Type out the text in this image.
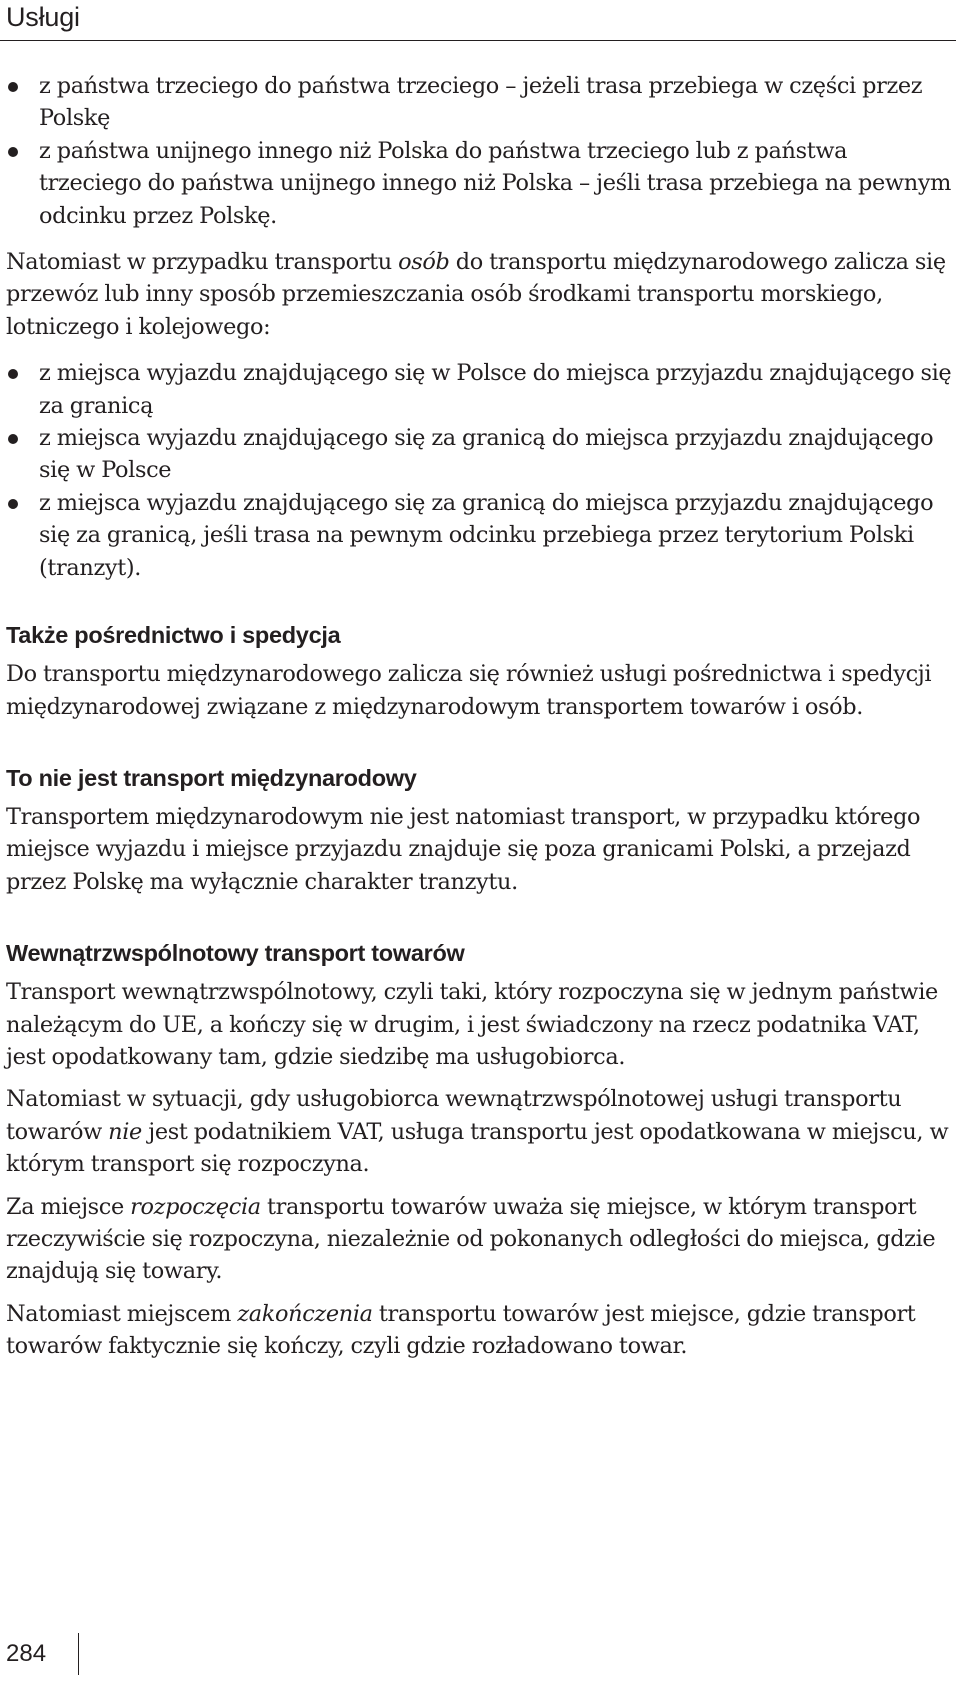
Usługi
z państwa trzeciego do państwa trzeciego – jeżeli trasa przebiega w części przez Polskę
z państwa unijnego innego niż Polska do państwa trzeciego lub z państwa trzeciego do państwa unijnego innego niż Polska – jeśli trasa przebiega na pewnym odcinku przez Polskę.

Natomiast w przypadku transportu osób do transportu międzynarodowego zalicza się przewóz lub inny sposób przemieszczania osób środkami transportu morskiego, lotniczego i kolejowego:

z miejsca wyjazdu znajdującego się w Polsce do miejsca przyjazdu znajdującego się za granicą
z miejsca wyjazdu znajdującego się za granicą do miejsca przyjazdu znajdującego się w Polsce
z miejsca wyjazdu znajdującego się za granicą do miejsca przyjazdu znajdującego się za granicą, jeśli trasa na pewnym odcinku przebiega przez terytorium Polski (tranzyt).
Także pośrednictwo i spedycja

Do transportu międzynarodowego zalicza się również usługi pośrednictwa i spedycji międzynarodowej związane z międzynarodowym transportem towarów i osób.

To nie jest transport międzynarodowy

Transportem międzynarodowym nie jest natomiast transport, w przypadku którego miejsce wyjazdu i miejsce przyjazdu znajduje się poza granicami Polski, a przejazd przez Polskę ma wyłącznie charakter tranzytu.

Wewnątrzwspólnotowy transport towarów

Transport wewnątrzwspólnotowy, czyli taki, który rozpoczyna się w jednym państwie należącym do UE, a kończy się w drugim, i jest świadczony na rzecz podatnika VAT, jest opodatkowany tam, gdzie siedzibę ma usługobiorca.

Natomiast w sytuacji, gdy usługobiorca wewnątrzwspólnotowej usługi transportu towarów nie jest podatnikiem VAT, usługa transportu jest opodatkowana w miejscu, w którym transport się rozpoczyna.

Za miejsce rozpoczęcia transportu towarów uważa się miejsce, w którym transport rzeczywiście się rozpoczyna, niezależnie od pokonanych odległości do miejsca, gdzie znajdują się towary.

Natomiast miejscem zakończenia transportu towarów jest miejsce, gdzie transport towarów faktycznie się kończy, czyli gdzie rozładowano towar.

284
